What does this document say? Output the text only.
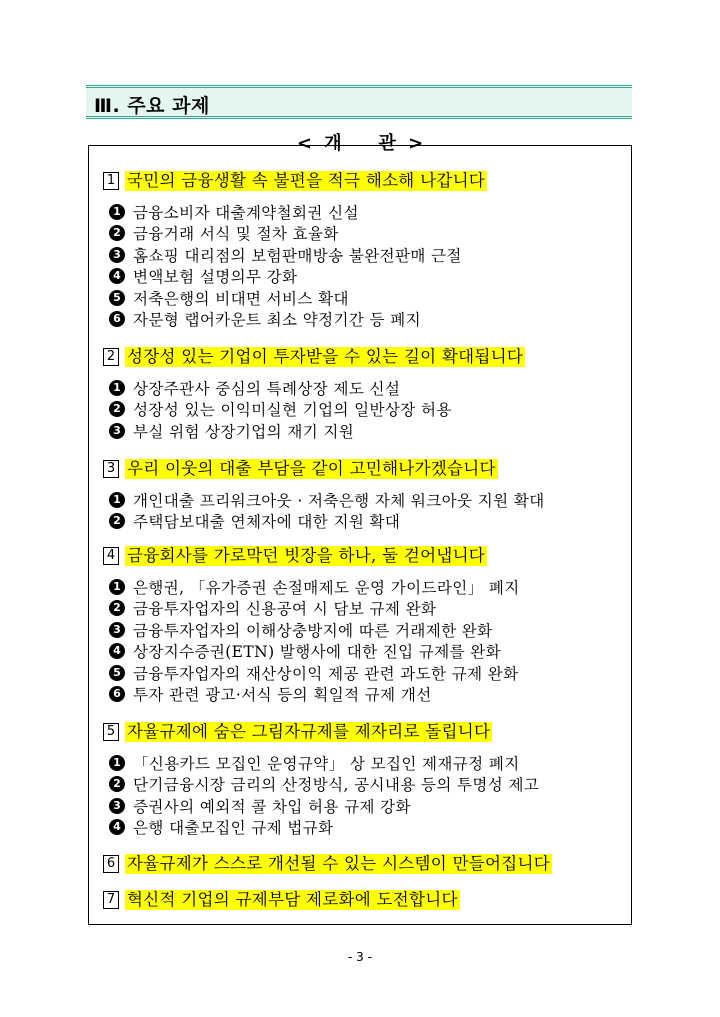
Ⅲ. 주요 과제
< 개   관 >
1 국민의 금융생활 속 불편을 적극 해소해 나갑니다
1 금융소비자 대출계약철회권 신설
2 금융거래 서식 및 절차 효율화
3 홈쇼핑 대리점의 보험판매방송 불완전판매 근절
4 변액보험 설명의무 강화
5 저축은행의 비대면 서비스 확대
6 자문형 랩어카운트 최소 약정기간 등 폐지
2 성장성 있는 기업이 투자받을 수 있는 길이 확대됩니다
1 상장주관사 중심의 특례상장 제도 신설
2 성장성 있는 이익미실현 기업의 일반상장 허용
3 부실 위험 상장기업의 재기 지원
3 우리 이웃의 대출 부담을 같이 고민해나가겠습니다
1 개인대출 프리워크아웃 · 저축은행 자체 워크아웃 지원 확대
2 주택담보대출 연체자에 대한 지원 확대
4 금융회사를 가로막던 빗장을 하나, 둘 걷어냅니다
1 은행권, 「유가증권 손절매제도 운영 가이드라인」 폐지
2 금융투자업자의 신용공여 시 담보 규제 완화
3 금융투자업자의 이해상충방지에 따른 거래제한 완화
4 상장지수증권(ETN) 발행사에 대한 진입 규제를 완화
5 금융투자업자의 재산상이익 제공 관련 과도한 규제 완화
6 투자 관련 광고·서식 등의 획일적 규제 개선
5 자율규제에 숨은 그림자규제를 제자리로 돌립니다
1 「신용카드 모집인 운영규약」 상 모집인 제재규정 폐지
2 단기금융시장 금리의 산정방식, 공시내용 등의 투명성 제고
3 증권사의 예외적 콜 차입 허용 규제 강화
4 은행 대출모집인 규제 법규화
6 자율규제가 스스로 개선될 수 있는 시스템이 만들어집니다
7 혁신적 기업의 규제부담 제로화에 도전합니다
- 3 -
